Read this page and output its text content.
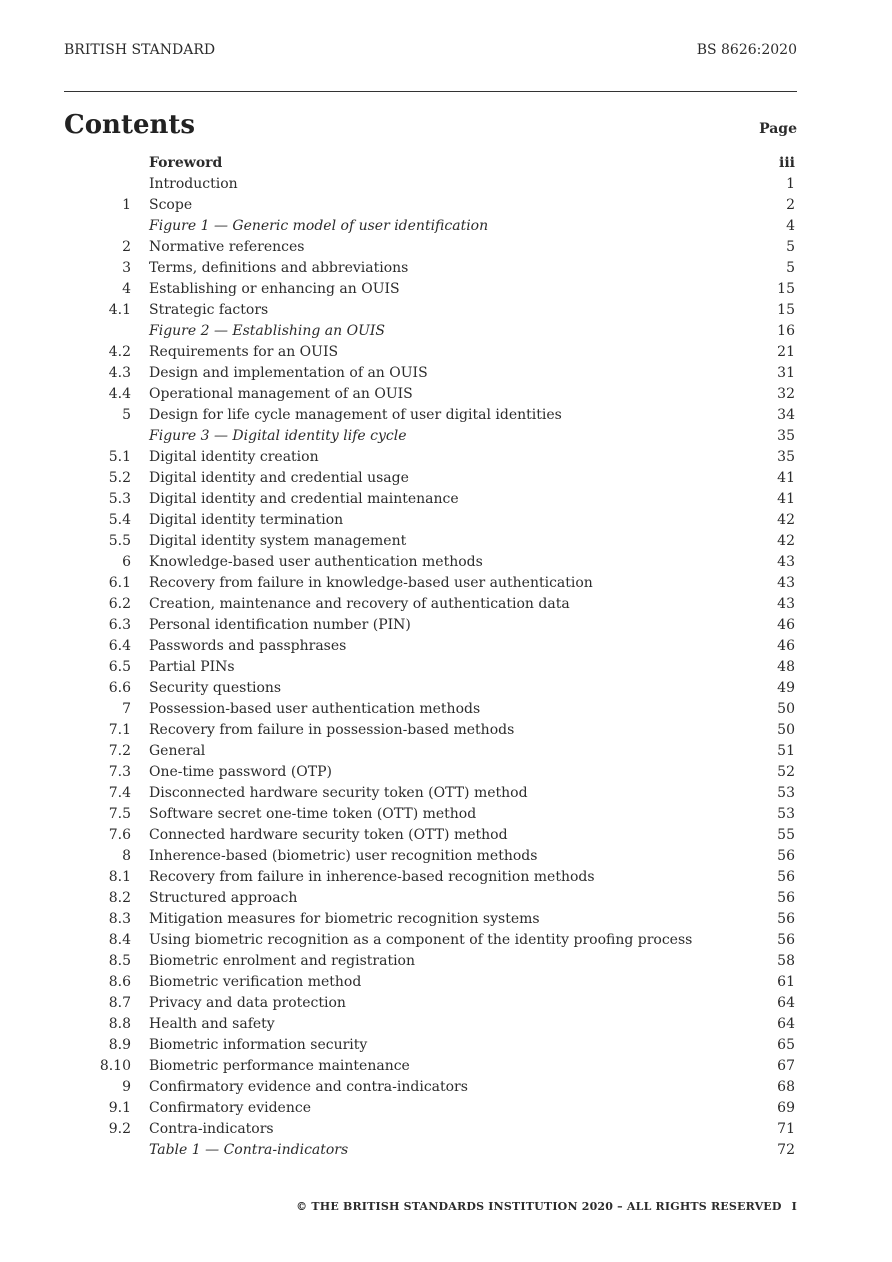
BRITISH STANDARD	BS 8626:2020
Contents	Page
Foreword	iii
Introduction	1
1 Scope	2
Figure 1 — Generic model of user identification	4
2 Normative references	5
3 Terms, definitions and abbreviations	5
4 Establishing or enhancing an OUIS	15
4.1 Strategic factors	15
Figure 2 — Establishing an OUIS	16
4.2 Requirements for an OUIS	21
4.3 Design and implementation of an OUIS	31
4.4 Operational management of an OUIS	32
5 Design for life cycle management of user digital identities	34
Figure 3 — Digital identity life cycle	35
5.1 Digital identity creation	35
5.2 Digital identity and credential usage	41
5.3 Digital identity and credential maintenance	41
5.4 Digital identity termination	42
5.5 Digital identity system management	42
6 Knowledge-based user authentication methods	43
6.1 Recovery from failure in knowledge-based user authentication	43
6.2 Creation, maintenance and recovery of authentication data	43
6.3 Personal identification number (PIN)	46
6.4 Passwords and passphrases	46
6.5 Partial PINs	48
6.6 Security questions	49
7 Possession-based user authentication methods	50
7.1 Recovery from failure in possession-based methods	50
7.2 General	51
7.3 One-time password (OTP)	52
7.4 Disconnected hardware security token (OTT) method	53
7.5 Software secret one-time token (OTT) method	53
7.6 Connected hardware security token (OTT) method	55
8 Inherence-based (biometric) user recognition methods	56
8.1 Recovery from failure in inherence-based recognition methods	56
8.2 Structured approach	56
8.3 Mitigation measures for biometric recognition systems	56
8.4 Using biometric recognition as a component of the identity proofing process	56
8.5 Biometric enrolment and registration	58
8.6 Biometric verification method	61
8.7 Privacy and data protection	64
8.8 Health and safety	64
8.9 Biometric information security	65
8.10 Biometric performance maintenance	67
9 Confirmatory evidence and contra-indicators	68
9.1 Confirmatory evidence	69
9.2 Contra-indicators	71
Table 1 — Contra-indicators	72
© THE BRITISH STANDARDS INSTITUTION 2020 – ALL RIGHTS RESERVED I
